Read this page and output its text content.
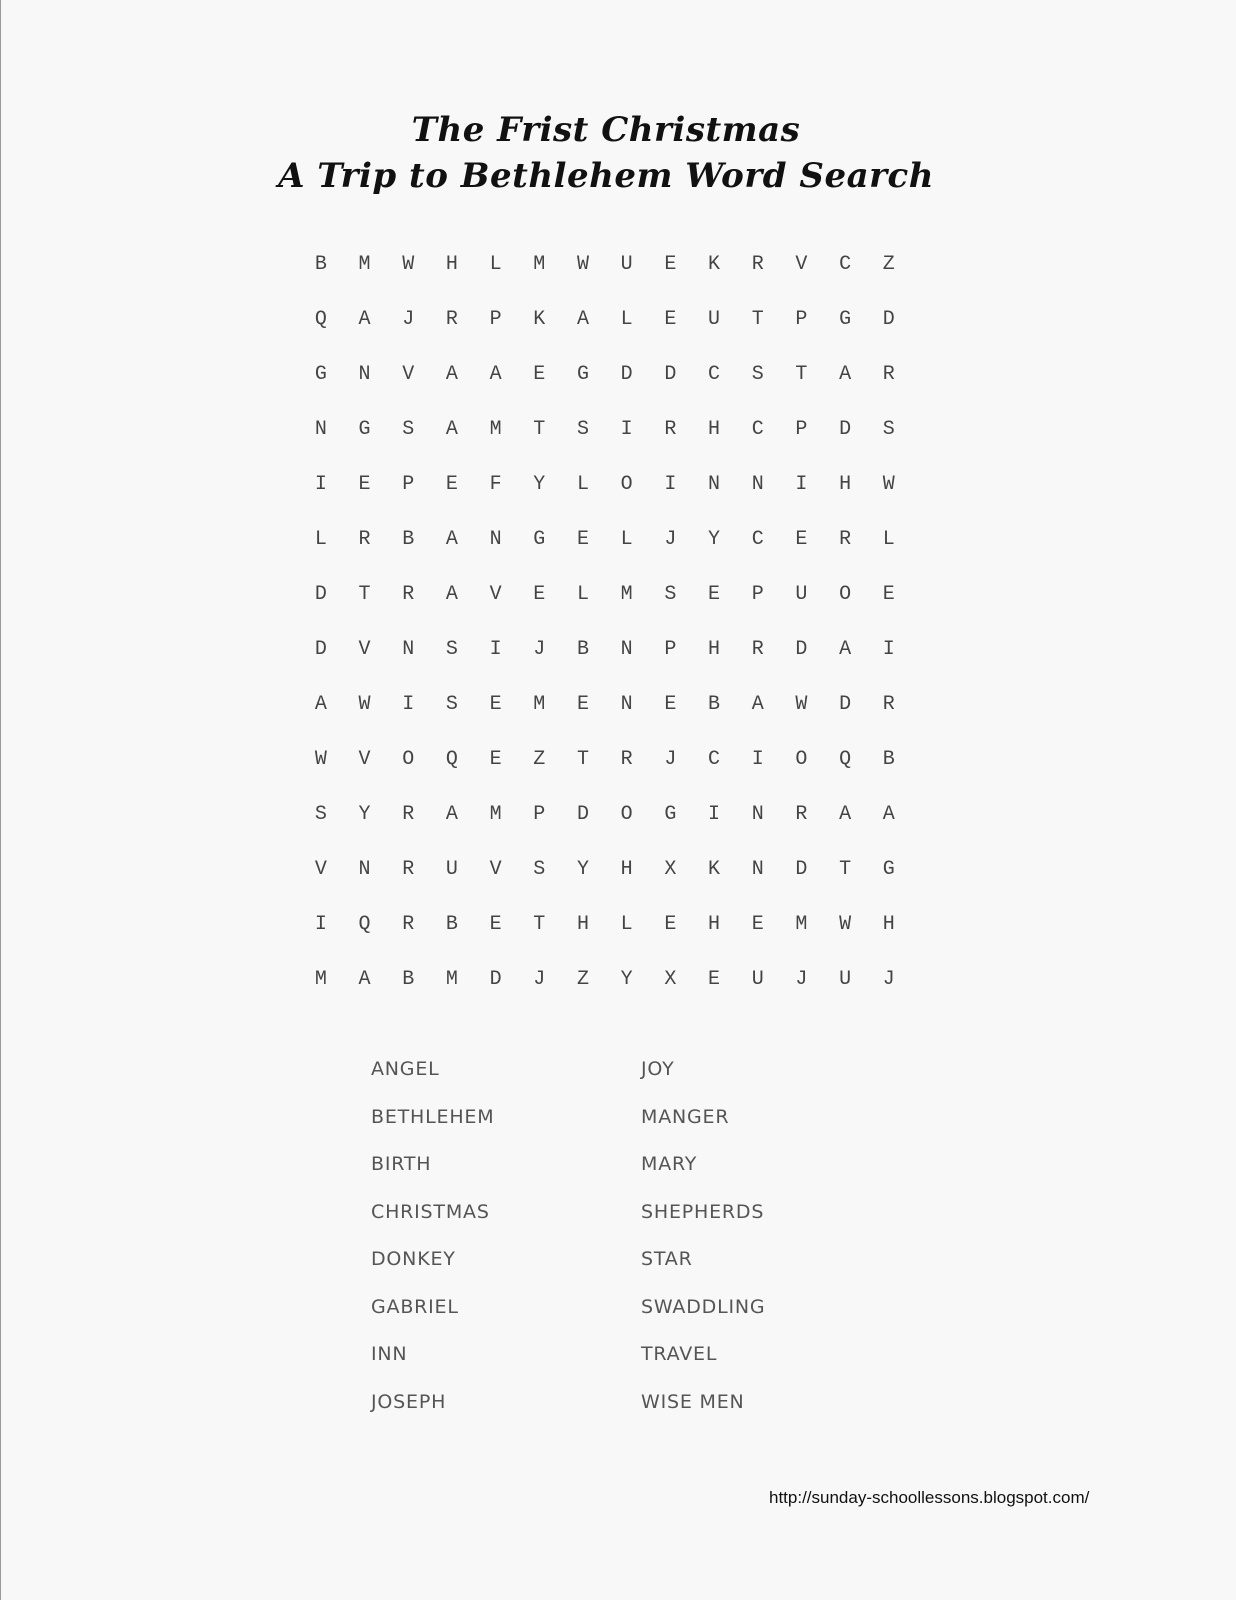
The Frist Christmas
A Trip to Bethlehem Word Search
B	M	W	H	L	M	W	U	E	K	R	V	C	Z
Q	A	J	R	P	K	A	L	E	U	T	P	G	D
G	N	V	A	A	E	G	D	D	C	S	T	A	R
N	G	S	A	M	T	S	I	R	H	C	P	D	S
I	E	P	E	F	Y	L	O	I	N	N	I	H	W
L	R	B	A	N	G	E	L	J	Y	C	E	R	L
D	T	R	A	V	E	L	M	S	E	P	U	O	E
D	V	N	S	I	J	B	N	P	H	R	D	A	I
A	W	I	S	E	M	E	N	E	B	A	W	D	R
W	V	O	Q	E	Z	T	R	J	C	I	O	Q	B
S	Y	R	A	M	P	D	O	G	I	N	R	A	A
V	N	R	U	V	S	Y	H	X	K	N	D	T	G
I	Q	R	B	E	T	H	L	E	H	E	M	W	H
M	A	B	M	D	J	Z	Y	X	E	U	J	U	J
ANGEL
BETHLEHEM
BIRTH
CHRISTMAS
DONKEY
GABRIEL
INN
JOSEPH
JOY
MANGER
MARY
SHEPHERDS
STAR
SWADDLING
TRAVEL
WISE MEN
http://sunday-schoollessons.blogspot.com/
